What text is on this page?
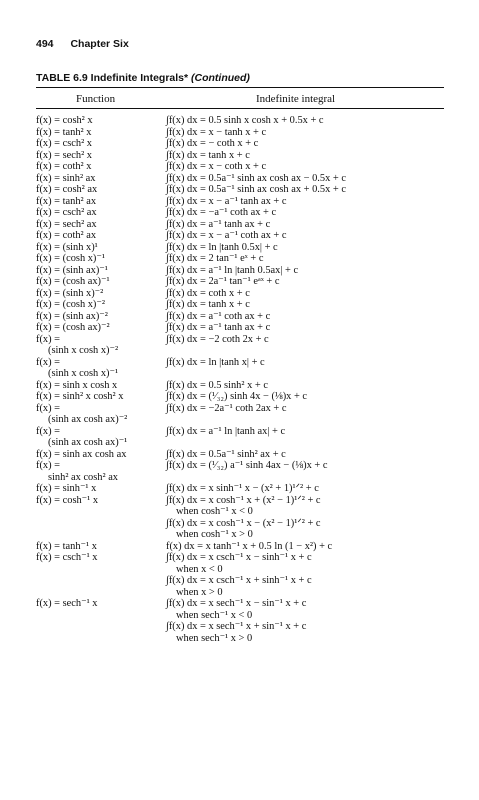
494 Chapter Six
TABLE 6.9 Indefinite Integrals* (Continued)
Function	Indefinite integral
f(x) = cosh² x	∫f(x) dx = 0.5 sinh x cosh x + 0.5x + c
f(x) = tanh² x	∫f(x) dx = x − tanh x + c
f(x) = csch² x	∫f(x) dx = − coth x + c
f(x) = sech² x	∫f(x) dx = tanh x + c
f(x) = coth² x	∫f(x) dx = x − coth x + c
f(x) = sinh² ax	∫f(x) dx = 0.5a⁻¹ sinh ax cosh ax − 0.5x + c
f(x) = cosh² ax	∫f(x) dx = 0.5a⁻¹ sinh ax cosh ax + 0.5x + c
f(x) = tanh² ax	∫f(x) dx = x − a⁻¹ tanh ax + c
f(x) = csch² ax	∫f(x) dx = −a⁻¹ coth ax + c
f(x) = sech² ax	∫f(x) dx = a⁻¹ tanh ax + c
f(x) = coth² ax	∫f(x) dx = x − a⁻¹ coth ax + c
f(x) = (sinh x)¹	∫f(x) dx = ln |tanh 0.5x| + c
f(x) = (cosh x)⁻¹	∫f(x) dx = 2 tan⁻¹ eˣ + c
f(x) = (sinh ax)⁻¹	∫f(x) dx = a⁻¹ ln |tanh 0.5ax| + c
f(x) = (cosh ax)⁻¹	∫f(x) dx = 2a⁻¹ tan⁻¹ eᵃˣ + c
f(x) = (sinh x)⁻²	∫f(x) dx = coth x + c
f(x) = (cosh x)⁻²	∫f(x) dx = tanh x + c
f(x) = (sinh ax)⁻²	∫f(x) dx = a⁻¹ coth ax + c
f(x) = (cosh ax)⁻²	∫f(x) dx = a⁻¹ tanh ax + c
f(x) =	∫f(x) dx = −2 coth 2x + c
(sinh x cosh x)⁻²
f(x) =	∫f(x) dx = ln |tanh x| + c
(sinh x cosh x)⁻¹
f(x) = sinh x cosh x	∫f(x) dx = 0.5 sinh² x + c
f(x) = sinh² x cosh² x	∫f(x) dx = (¹⁄₃₂) sinh 4x − (⅛)x + c
f(x) =	∫f(x) dx = −2a⁻¹ coth 2ax + c
(sinh ax cosh ax)⁻²
f(x) =	∫f(x) dx = a⁻¹ ln |tanh ax| + c
(sinh ax cosh ax)⁻¹
f(x) = sinh ax cosh ax	∫f(x) dx = 0.5a⁻¹ sinh² ax + c
f(x) =	∫f(x) dx = (¹⁄₃₂) a⁻¹ sinh 4ax − (⅛)x + c
sinh² ax cosh² ax
f(x) = sinh⁻¹ x	∫f(x) dx = x sinh⁻¹ x − (x² + 1)¹ᐟ² + c
f(x) = cosh⁻¹ x	∫f(x) dx = x cosh⁻¹ x + (x² − 1)¹ᐟ² + c
when cosh⁻¹ x < 0
∫f(x) dx = x cosh⁻¹ x − (x² − 1)¹ᐟ² + c
when cosh⁻¹ x > 0
f(x) = tanh⁻¹ x	f(x) dx = x tanh⁻¹ x + 0.5 ln (1 − x²) + c
f(x) = csch⁻¹ x	∫f(x) dx = x csch⁻¹ x − sinh⁻¹ x + c
when x < 0
∫f(x) dx = x csch⁻¹ x + sinh⁻¹ x + c
when x > 0
f(x) = sech⁻¹ x	∫f(x) dx = x sech⁻¹ x − sin⁻¹ x + c
when sech⁻¹ x < 0
∫f(x) dx = x sech⁻¹ x + sin⁻¹ x + c
when sech⁻¹ x > 0
